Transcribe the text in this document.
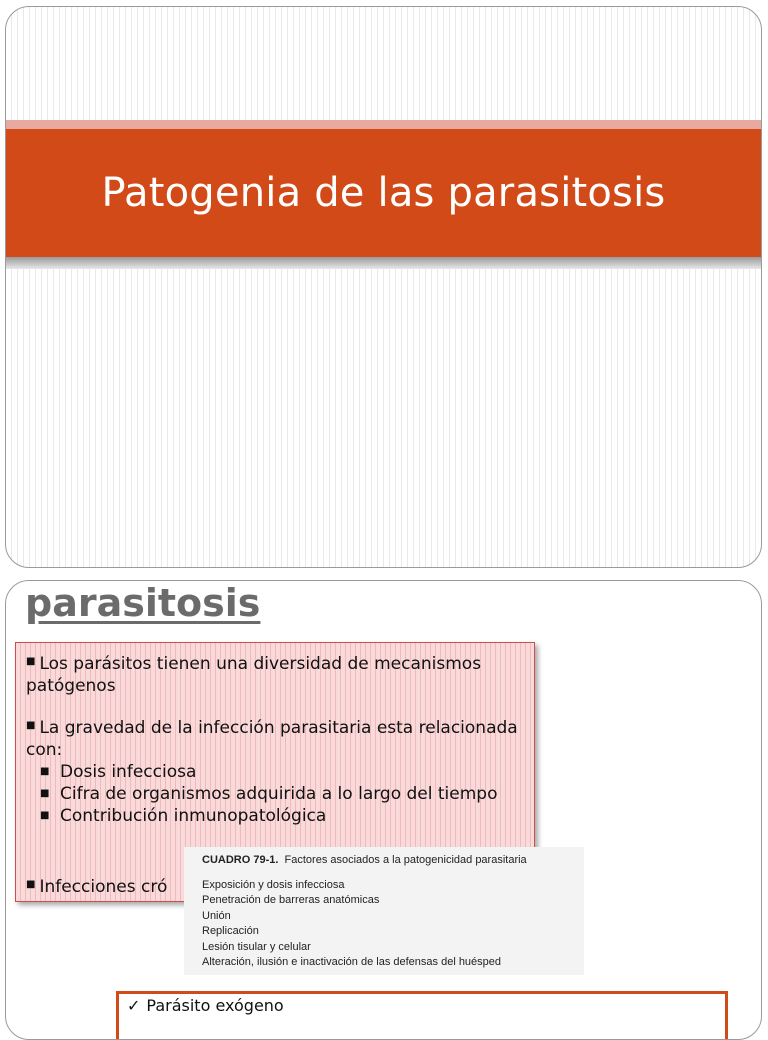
Patogenia de las parasitosis
parasitosis
■ Los parásitos tienen una diversidad de mecanismos patógenos
■ La gravedad de la infección parasitaria esta relacionada con:
■ Dosis infecciosa
■ Cifra de organismos adquirida a lo largo del tiempo
■ Contribución inmunopatológica
■ Infecciones cró
CUADRO 79-1. Factores asociados a la patogenicidad parasitaria
Exposición y dosis infecciosa
Penetración de barreras anatómicas
Unión
Replicación
Lesión tisular y celular
Alteración, ilusión e inactivación de las defensas del huésped
✓ Parásito exógeno
